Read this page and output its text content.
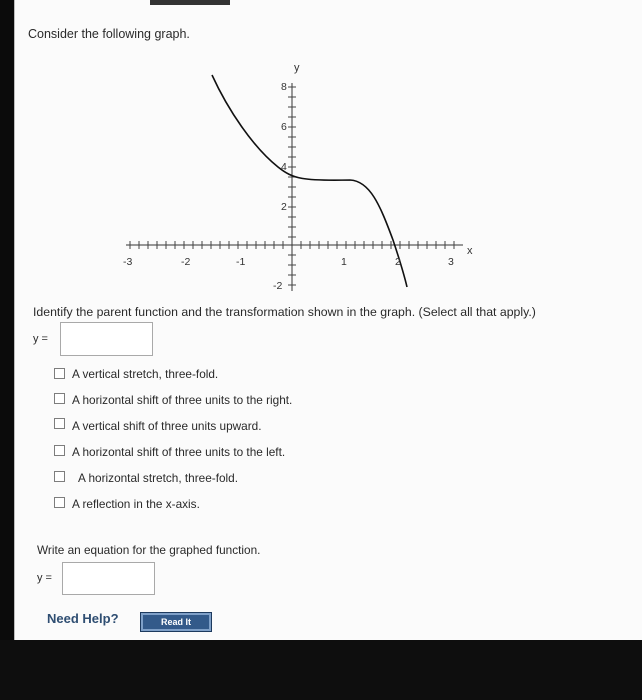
Consider the following graph.
y
x
-3	-2	-1	1	2	3
8
6
4
2
-2
Identify the parent function and the transformation shown in the graph. (Select all that apply.)
y =
A vertical stretch, three-fold.
A horizontal shift of three units to the right.
A vertical shift of three units upward.
A horizontal shift of three units to the left.
A horizontal stretch, three-fold.
A reflection in the x-axis.
Write an equation for the graphed function.
y =
Need Help?	Read It
